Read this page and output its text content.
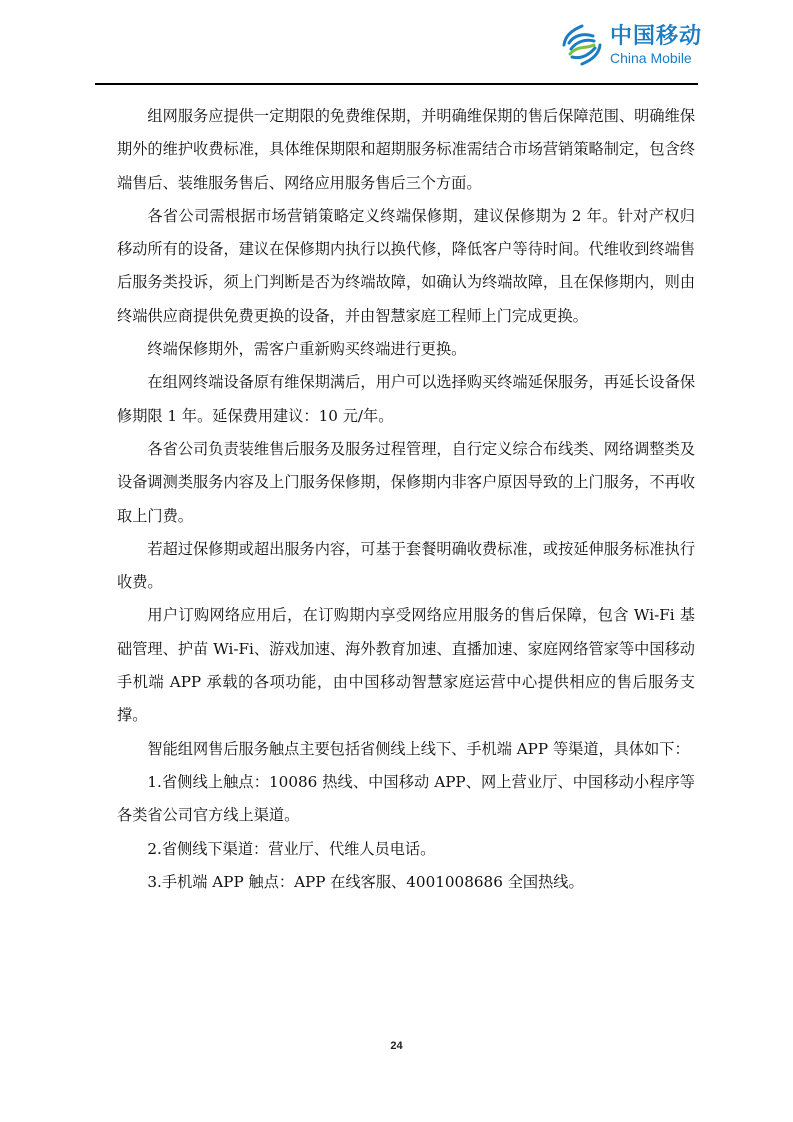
中国移动
China Mobile

组网服务应提供一定期限的免费维保期，并明确维保期的售后保障范围、明确维保期外的维护收费标准，具体维保期限和超期服务标准需结合市场营销策略制定，包含终端售后、装维服务售后、网络应用服务售后三个方面。

各省公司需根据市场营销策略定义终端保修期，建议保修期为 2 年。针对产权归移动所有的设备，建议在保修期内执行以换代修，降低客户等待时间。代维收到终端售后服务类投诉，须上门判断是否为终端故障，如确认为终端故障，且在保修期内，则由终端供应商提供免费更换的设备，并由智慧家庭工程师上门完成更换。

终端保修期外，需客户重新购买终端进行更换。

在组网终端设备原有维保期满后，用户可以选择购买终端延保服务，再延长设备保修期限 1 年。延保费用建议：10 元/年。

各省公司负责装维售后服务及服务过程管理，自行定义综合布线类、网络调整类及设备调测类服务内容及上门服务保修期，保修期内非客户原因导致的上门服务，不再收取上门费。

若超过保修期或超出服务内容，可基于套餐明确收费标准，或按延伸服务标准执行收费。

用户订购网络应用后，在订购期内享受网络应用服务的售后保障，包含 Wi-Fi 基础管理、护苗 Wi-Fi、游戏加速、海外教育加速、直播加速、家庭网络管家等中国移动手机端 APP 承载的各项功能，由中国移动智慧家庭运营中心提供相应的售后服务支撑。

智能组网售后服务触点主要包括省侧线上线下、手机端 APP 等渠道，具体如下：

1.省侧线上触点：10086 热线、中国移动 APP、网上营业厅、中国移动小程序等各类省公司官方线上渠道。

2.省侧线下渠道：营业厅、代维人员电话。

3.手机端 APP 触点：APP 在线客服、4001008686 全国热线。

24
